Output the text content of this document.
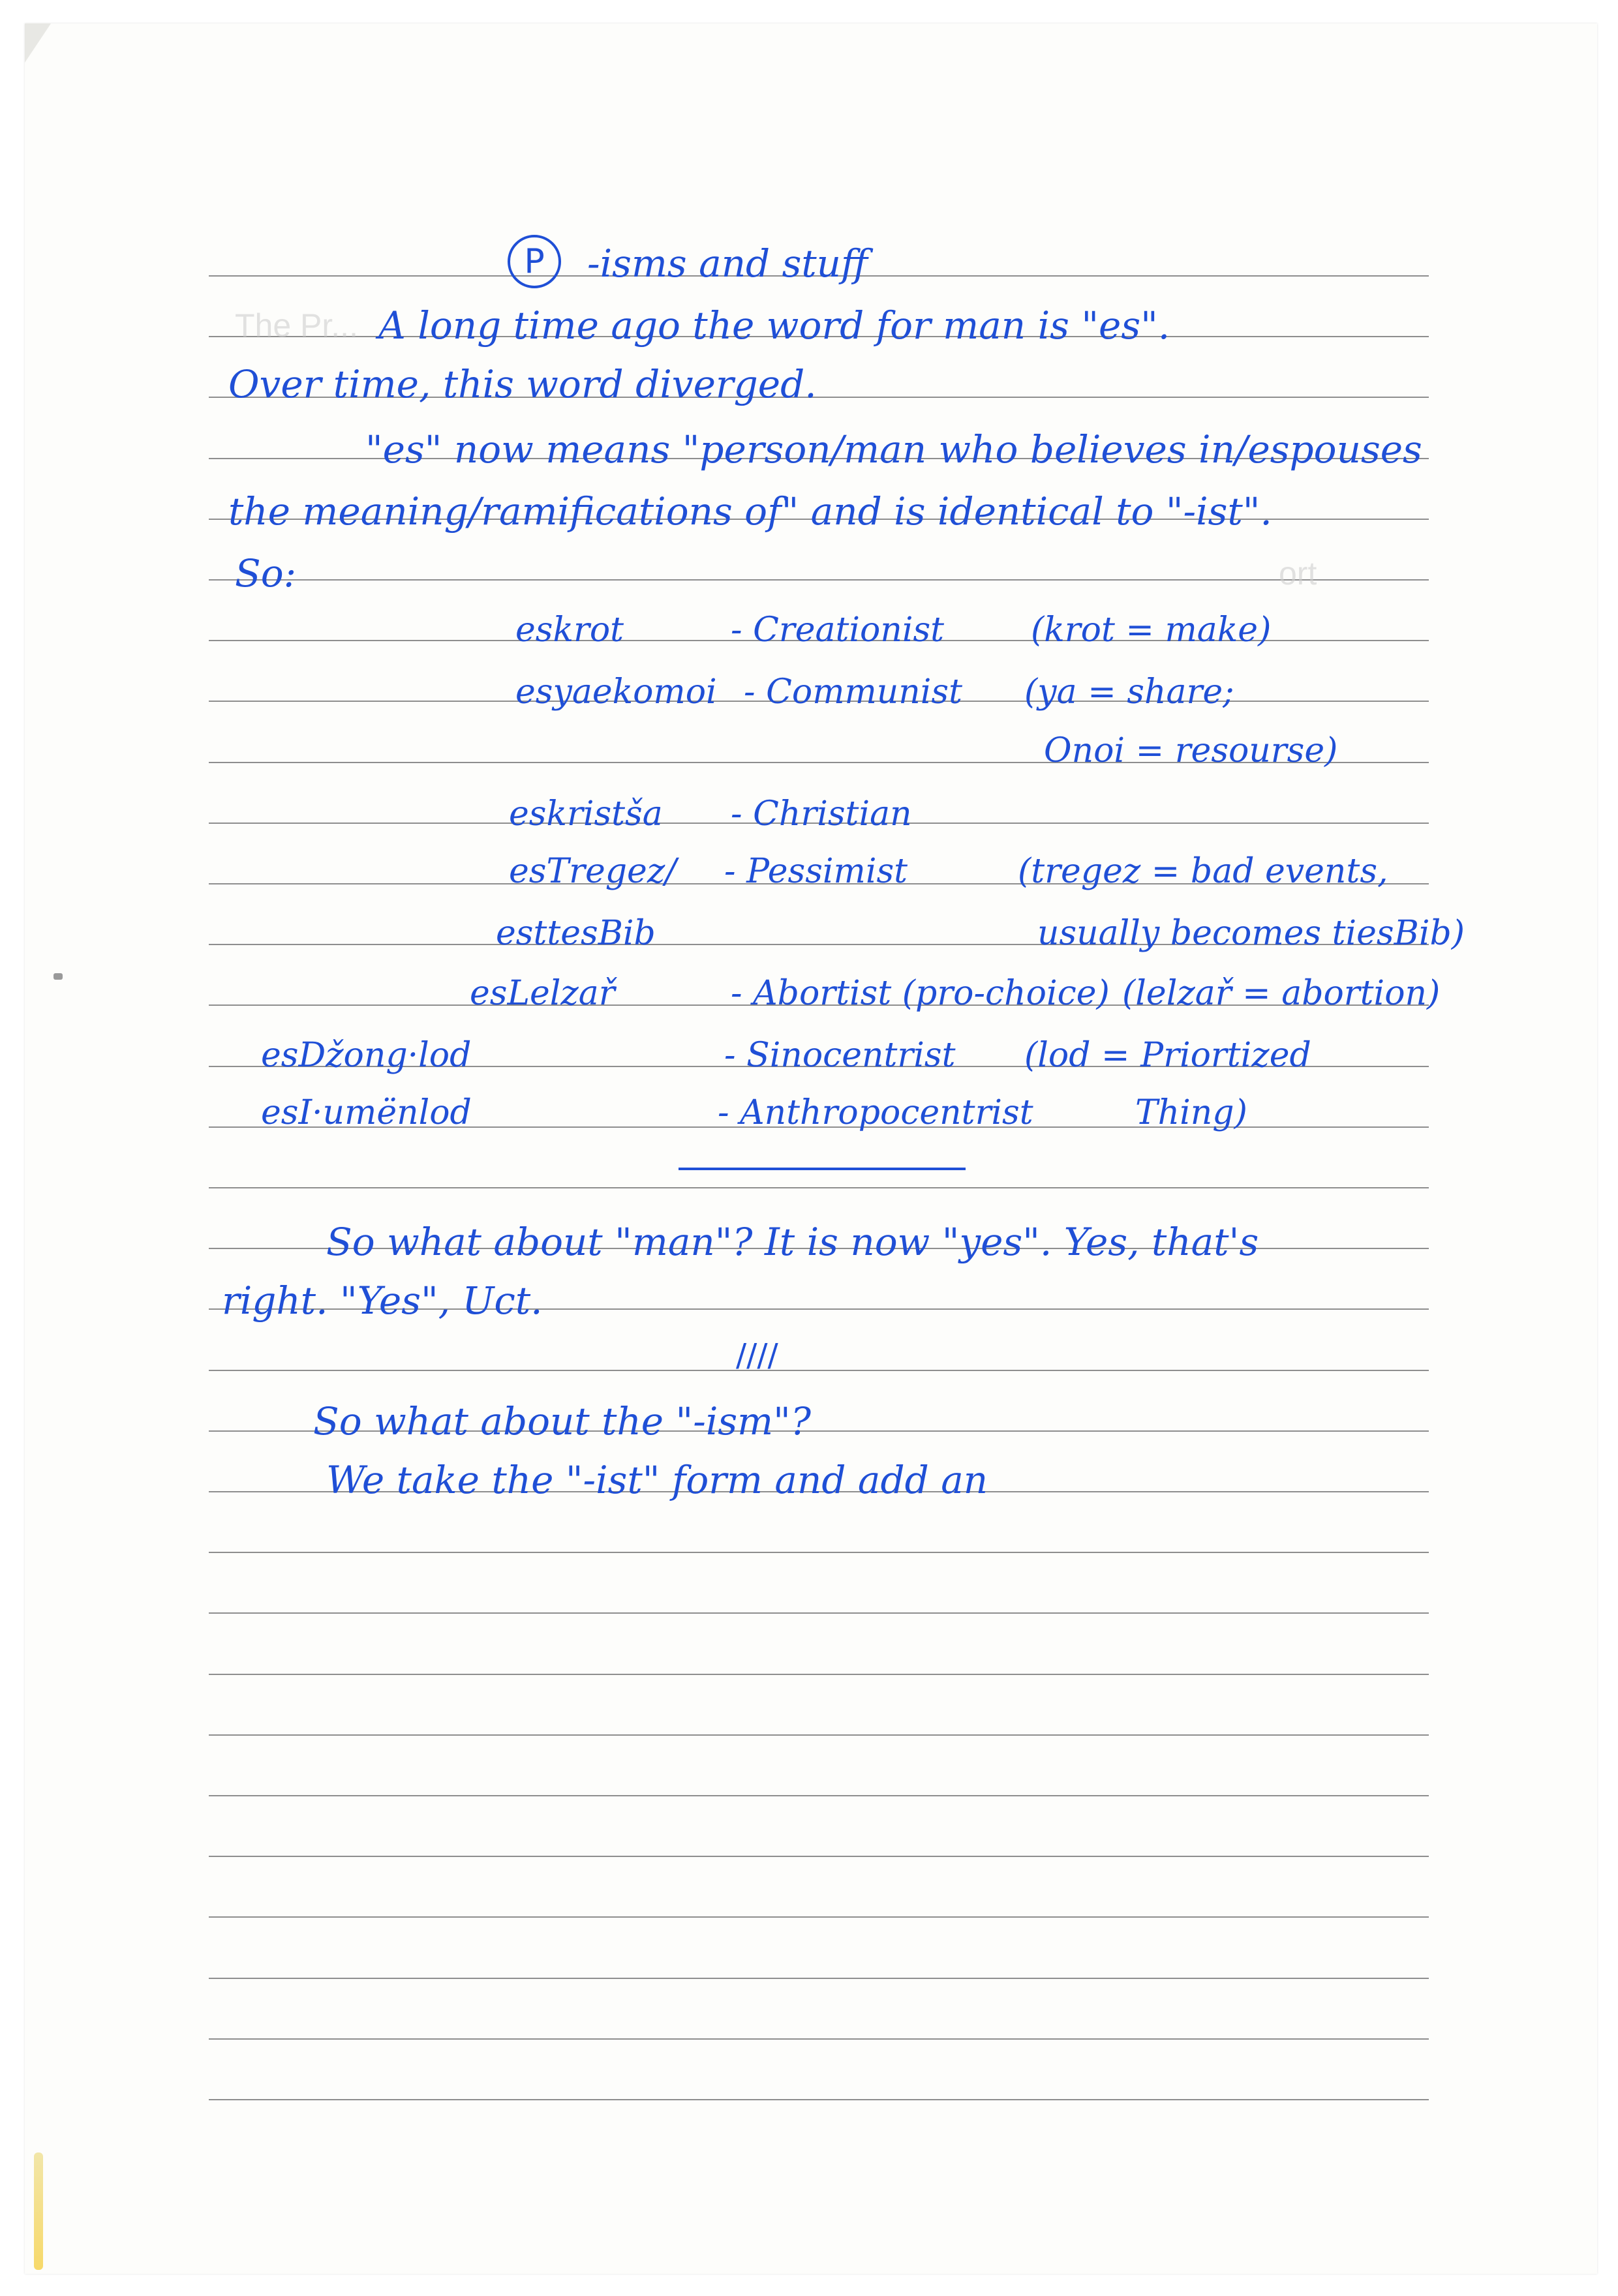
The Pr...
ort
P	-isms and stuff
A long time ago the word for man is "es".
Over time, this word diverged.
"es" now means "person/man who believes in/espouses
the meaning/ramifications of" and is identical to "-ist".
So:
eskrot	- Creationist	(krot = make)
esyaekomoi - Communist (ya = share;
Onoi = resourse)
eskristša - Christian
esTregez/ - Pessimist	(tregez = bad events,
esttesBib	usually becomes tiesBib)
esLelzař	- Abortist (pro-choice) (lelzař = abortion)
esDžong·lod	- Sinocentrist (lod = Priortized
esI·umënlod	- Anthropocentrist	Thing)
So what about "man"? It is now "yes". Yes, that's
right. "Yes", Uct.
////
So what about the "-ism"?
We take the "-ist" form and add an
